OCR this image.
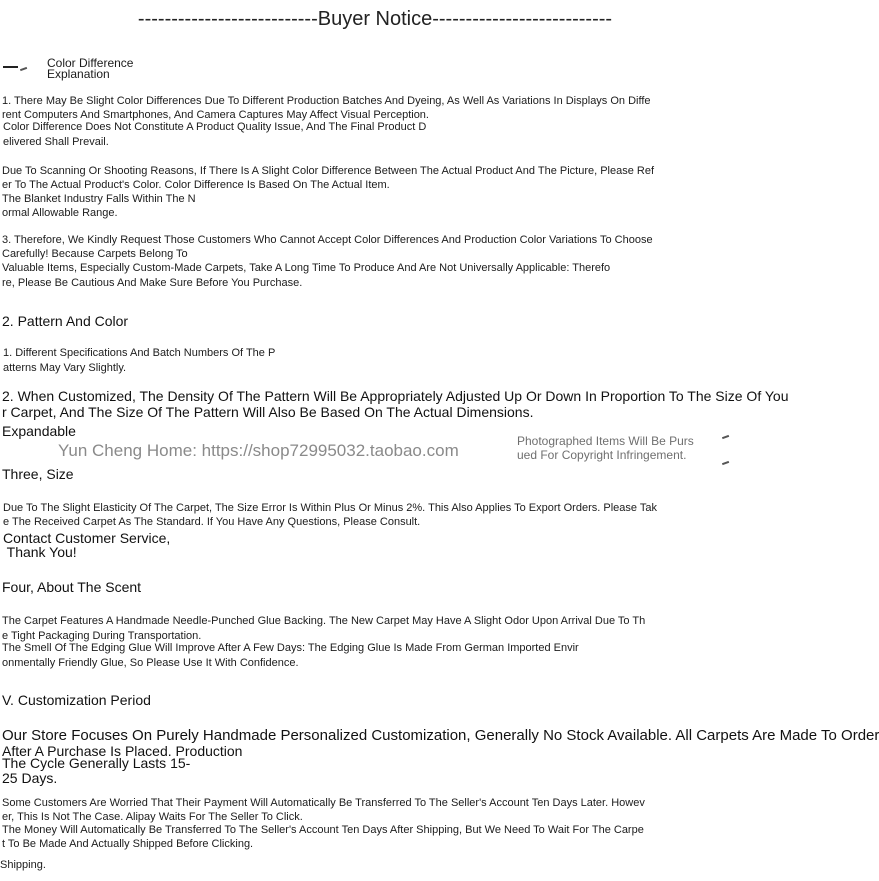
---------------------------Buyer Notice---------------------------
Color Difference
Explanation
1. There May Be Slight Color Differences Due To Different Production Batches And Dyeing, As Well As Variations In Displays On Diffe
rent Computers And Smartphones, And Camera Captures May Affect Visual Perception.
Color Difference Does Not Constitute A Product Quality Issue, And The Final Product D
elivered Shall Prevail.
Due To Scanning Or Shooting Reasons, If There Is A Slight Color Difference Between The Actual Product And The Picture, Please Ref
er To The Actual Product's Color. Color Difference Is Based On The Actual Item.
The Blanket Industry Falls Within The N
ormal Allowable Range.
3. Therefore, We Kindly Request Those Customers Who Cannot Accept Color Differences And Production Color Variations To Choose
Carefully! Because Carpets Belong To
Valuable Items, Especially Custom-Made Carpets, Take A Long Time To Produce And Are Not Universally Applicable: Therefo
re, Please Be Cautious And Make Sure Before You Purchase.
2. Pattern And Color
1. Different Specifications And Batch Numbers Of The P
atterns May Vary Slightly.
2. When Customized, The Density Of The Pattern Will Be Appropriately Adjusted Up Or Down In Proportion To The Size Of You
r Carpet, And The Size Of The Pattern Will Also Be Based On The Actual Dimensions.
Expandable
Yun Cheng Home: https://shop72995032.taobao.com	Photographed Items Will Be Purs
ued For Copyright Infringement.
Three, Size
Due To The Slight Elasticity Of The Carpet, The Size Error Is Within Plus Or Minus 2%. This Also Applies To Export Orders. Please Tak
e The Received Carpet As The Standard. If You Have Any Questions, Please Consult.
Contact Customer Service,
Thank You!
Four, About The Scent
The Carpet Features A Handmade Needle-Punched Glue Backing. The New Carpet May Have A Slight Odor Upon Arrival Due To Th
e Tight Packaging During Transportation.
The Smell Of The Edging Glue Will Improve After A Few Days: The Edging Glue Is Made From German Imported Envir
onmentally Friendly Glue, So Please Use It With Confidence.
V. Customization Period
Our Store Focuses On Purely Handmade Personalized Customization, Generally No Stock Available. All Carpets Are Made To Order
After A Purchase Is Placed. Production
The Cycle Generally Lasts 15-
25 Days.
Some Customers Are Worried That Their Payment Will Automatically Be Transferred To The Seller's Account Ten Days Later. Howev
er, This Is Not The Case. Alipay Waits For The Seller To Click.
The Money Will Automatically Be Transferred To The Seller's Account Ten Days After Shipping, But We Need To Wait For The Carpe
t To Be Made And Actually Shipped Before Clicking.
Shipping.
